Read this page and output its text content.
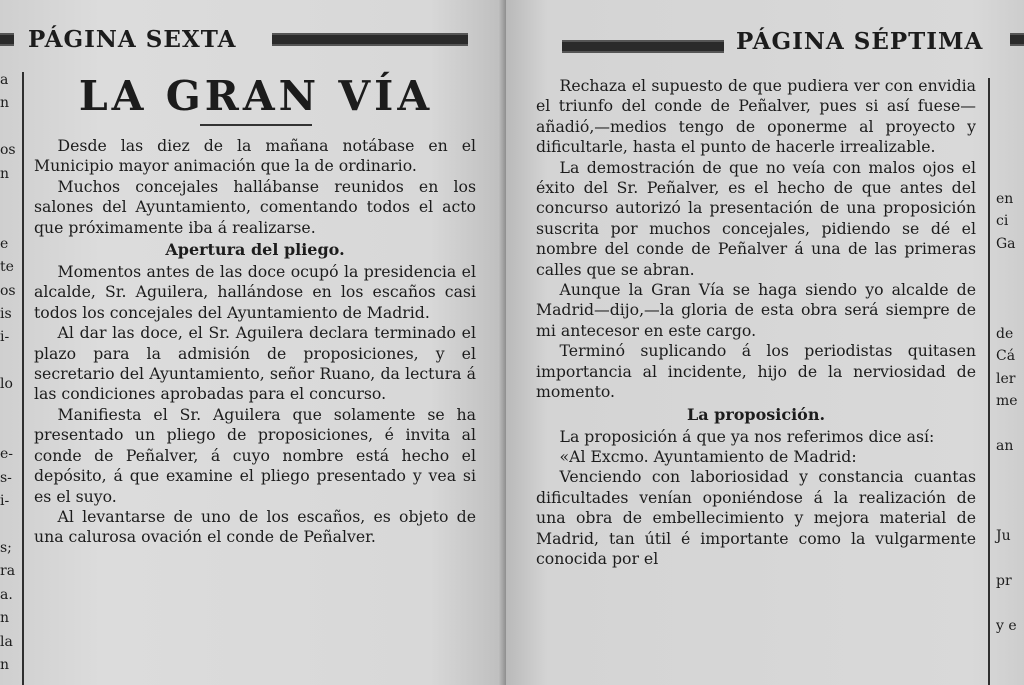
PÁGINA SEXTA
a
n
os
n
e
te
os
is
i-
lo
e-
s-
i-
s;
ra
a.
n
la
n
LA GRAN VÍA

Desde las diez de la mañana notábase en el Municipio mayor animación que la de ordinario.

Muchos concejales hallábanse reunidos en los salones del Ayuntamiento, comentando todos el acto que próximamente iba á realizarse.

Apertura del pliego.

Momentos antes de las doce ocupó la presidencia el alcalde, Sr. Aguilera, hallándose en los escaños casi todos los concejales del Ayuntamiento de Madrid.

Al dar las doce, el Sr. Aguilera declara terminado el plazo para la admisión de proposiciones, y el secretario del Ayuntamiento, señor Ruano, da lectura á las condiciones aprobadas para el concurso.

Manifiesta el Sr. Aguilera que solamente se ha presentado un pliego de proposiciones, é invita al conde de Peñalver, á cuyo nombre está hecho el depósito, á que examine el pliego presentado y vea si es el suyo.

Al levantarse de uno de los escaños, es objeto de una calurosa ovación el conde de Peñalver.

PÁGINA SÉPTIMA

Rechaza el supuesto de que pudiera ver con envidia el triunfo del conde de Peñalver, pues si así fuese—añadió,—medios tengo de oponerme al proyecto y dificultarle, hasta el punto de hacerle irrealizable.

La demostración de que no veía con malos ojos el éxito del Sr. Peñalver, es el hecho de que antes del concurso autorizó la presentación de una proposición suscrita por muchos concejales, pidiendo se dé el nombre del conde de Peñalver á una de las primeras calles que se abran.

Aunque la Gran Vía se haga siendo yo alcalde de Madrid—dijo,—la gloria de esta obra será siempre de mi antecesor en este cargo.

Terminó suplicando á los periodistas quitasen importancia al incidente, hijo de la nerviosidad de momento.

La proposición.

La proposición á que ya nos referimos dice así:

«Al Excmo. Ayuntamiento de Madrid:

Venciendo con laboriosidad y constancia cuantas dificultades venían oponiéndose á la realización de una obra de embellecimiento y mejora material de Madrid, tan útil é importante como la vulgarmente conocida por el

en
ci
Ga
de
Cá
ler
me
an
Ju
pr
y e
